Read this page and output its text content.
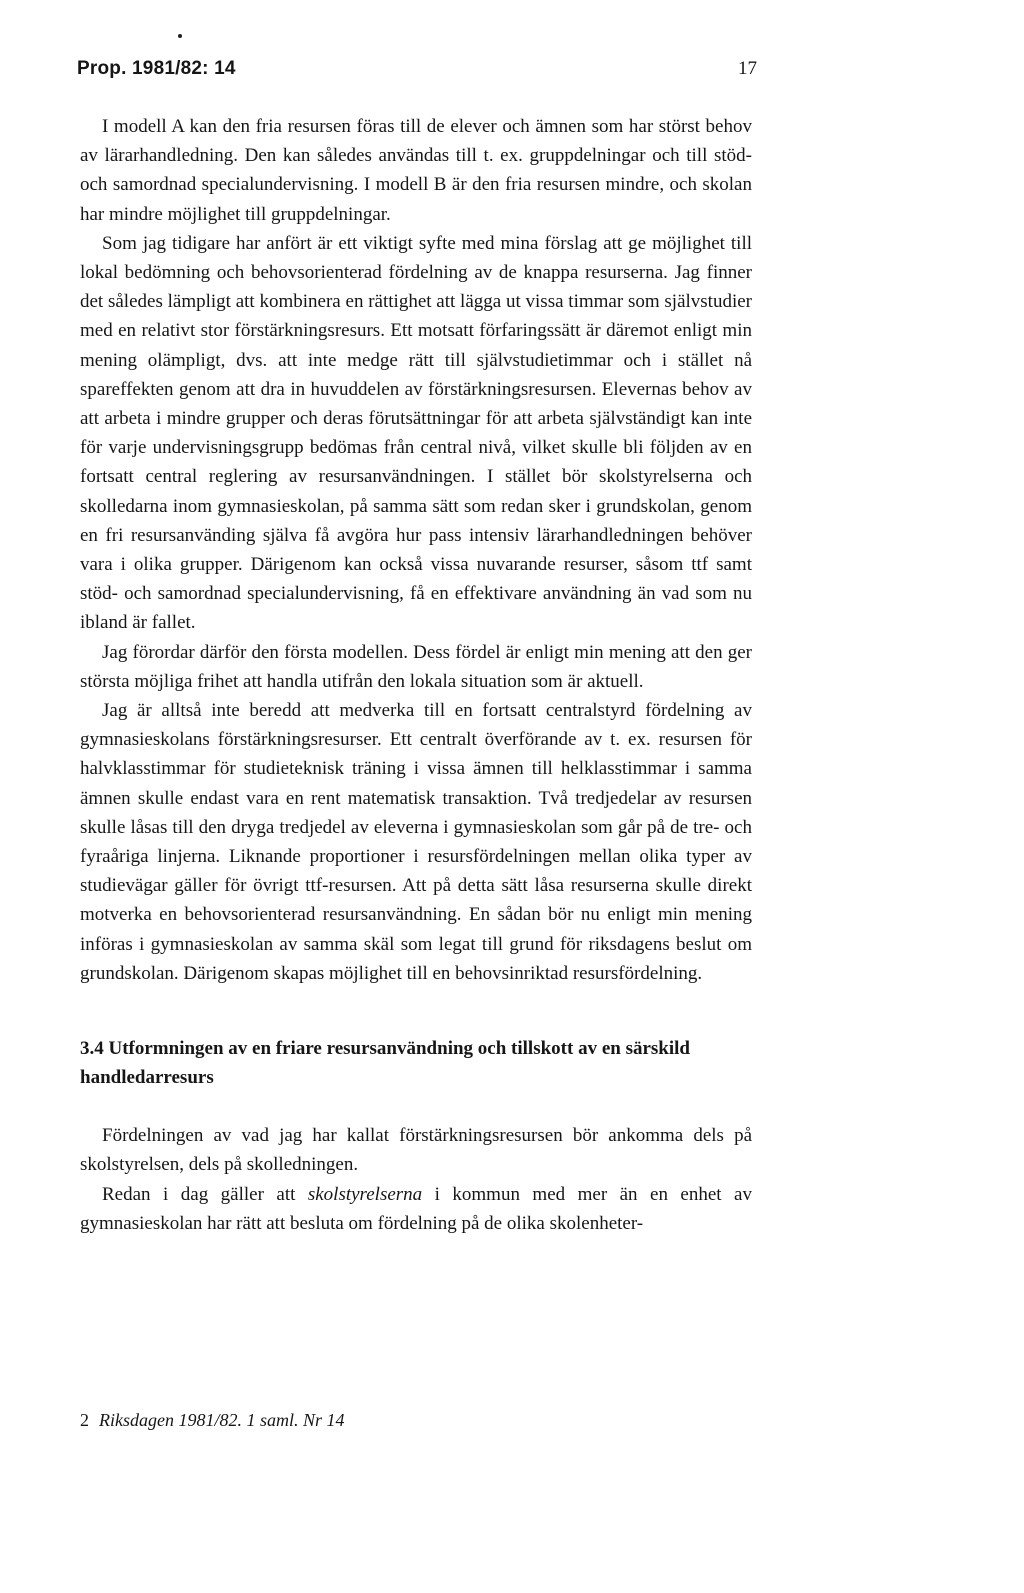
Prop. 1981/82: 14	17

I modell A kan den fria resursen föras till de elever och ämnen som har störst behov av lärarhandledning. Den kan således användas till t. ex. gruppdelningar och till stöd- och samordnad specialundervisning. I modell B är den fria resursen mindre, och skolan har mindre möjlighet till gruppdelningar.

Som jag tidigare har anfört är ett viktigt syfte med mina förslag att ge möjlighet till lokal bedömning och behovsorienterad fördelning av de knappa resurserna. Jag finner det således lämpligt att kombinera en rättighet att lägga ut vissa timmar som självstudier med en relativt stor förstärkningsresurs. Ett motsatt förfaringssätt är däremot enligt min mening olämpligt, dvs. att inte medge rätt till självstudietimmar och i stället nå spareffekten genom att dra in huvuddelen av förstärkningsresursen. Elevernas behov av att arbeta i mindre grupper och deras förutsättningar för att arbeta självständigt kan inte för varje undervisningsgrupp bedömas från central nivå, vilket skulle bli följden av en fortsatt central reglering av resursanvändningen. I stället bör skolstyrelserna och skolledarna inom gymnasieskolan, på samma sätt som redan sker i grundskolan, genom en fri resursanvänding själva få avgöra hur pass intensiv lärarhandledningen behöver vara i olika grupper. Därigenom kan också vissa nuvarande resurser, såsom ttf samt stöd- och samordnad specialundervisning, få en effektivare användning än vad som nu ibland är fallet.

Jag förordar därför den första modellen. Dess fördel är enligt min mening att den ger största möjliga frihet att handla utifrån den lokala situation som är aktuell.

Jag är alltså inte beredd att medverka till en fortsatt centralstyrd fördelning av gymnasieskolans förstärkningsresurser. Ett centralt överförande av t. ex. resursen för halvklasstimmar för studieteknisk träning i vissa ämnen till helklasstimmar i samma ämnen skulle endast vara en rent matematisk transaktion. Två tredjedelar av resursen skulle låsas till den dryga tredjedel av eleverna i gymnasieskolan som går på de tre- och fyraåriga linjerna. Liknande proportioner i resursfördelningen mellan olika typer av studievägar gäller för övrigt ttf-resursen. Att på detta sätt låsa resurserna skulle direkt motverka en behovsorienterad resursanvändning. En sådan bör nu enligt min mening införas i gymnasieskolan av samma skäl som legat till grund för riksdagens beslut om grundskolan. Därigenom skapas möjlighet till en behovsinriktad resursfördelning.

3.4 Utformningen av en friare resursanvändning och tillskott av en särskild handledarresurs

Fördelningen av vad jag har kallat förstärkningsresursen bör ankomma dels på skolstyrelsen, dels på skolledningen.

Redan i dag gäller att skolstyrelserna i kommun med mer än en enhet av gymnasieskolan har rätt att besluta om fördelning på de olika skolenheter-

2 Riksdagen 1981/82. 1 saml. Nr 14
